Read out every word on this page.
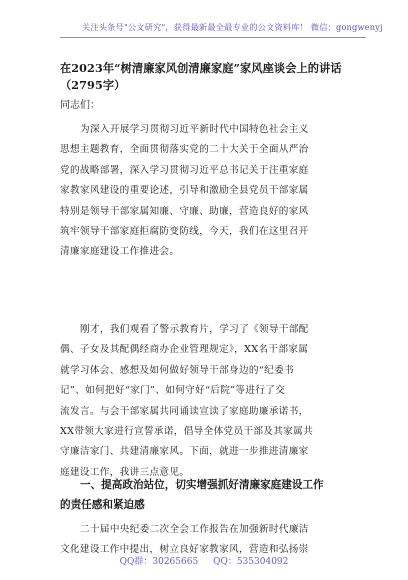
关注头条号"公文研究"，获得最新最全最专业的公文资料库！ 微信：gongwenyj
在2023年“树清廉家风创清廉家庭”家风座谈会上的讲话
（2795字）
同志们：
为深入开展学习贯彻习近平新时代中国特色社会主义
思想主题教育，全面贯彻落实党的二十大关于全面从严治
党的战略部署，深入学习贯彻习近平总书记关于注重家庭
家教家风建设的重要论述，引导和激励全县党员干部家属
特别是领导干部家属知廉、守廉、助廉，营造良好的家风
筑牢领导干部家庭拒腐防变防线，今天，我们在这里召开
清廉家庭建设工作推进会。
刚才，我们观看了警示教育片，学习了《领导干部配
偶、子女及其配偶经商办企业管理规定》，XX名干部家属
就学习体会、感想及如何做好领导干部身边的“纪委书
记”、如何把好“家门”、如何守好“后院”等进行了交
流发言。与会干部家属共同诵读宣读了家庭助廉承诺书，
XX带领大家进行宣誓承诺，倡导全体党员干部及其家属共
守廉洁家门、共建清廉家风。下面，就进一步推进清廉家
庭建设工作，我讲三点意见。
一、提高政治站位，切实增强抓好清廉家庭建设工作
的责任感和紧迫感
二十届中央纪委二次全会工作报告在加强新时代廉洁
文化建设工作中提出，树立良好家教家风，营造和弘扬崇
QQ群：30265665 QQ：535304092
